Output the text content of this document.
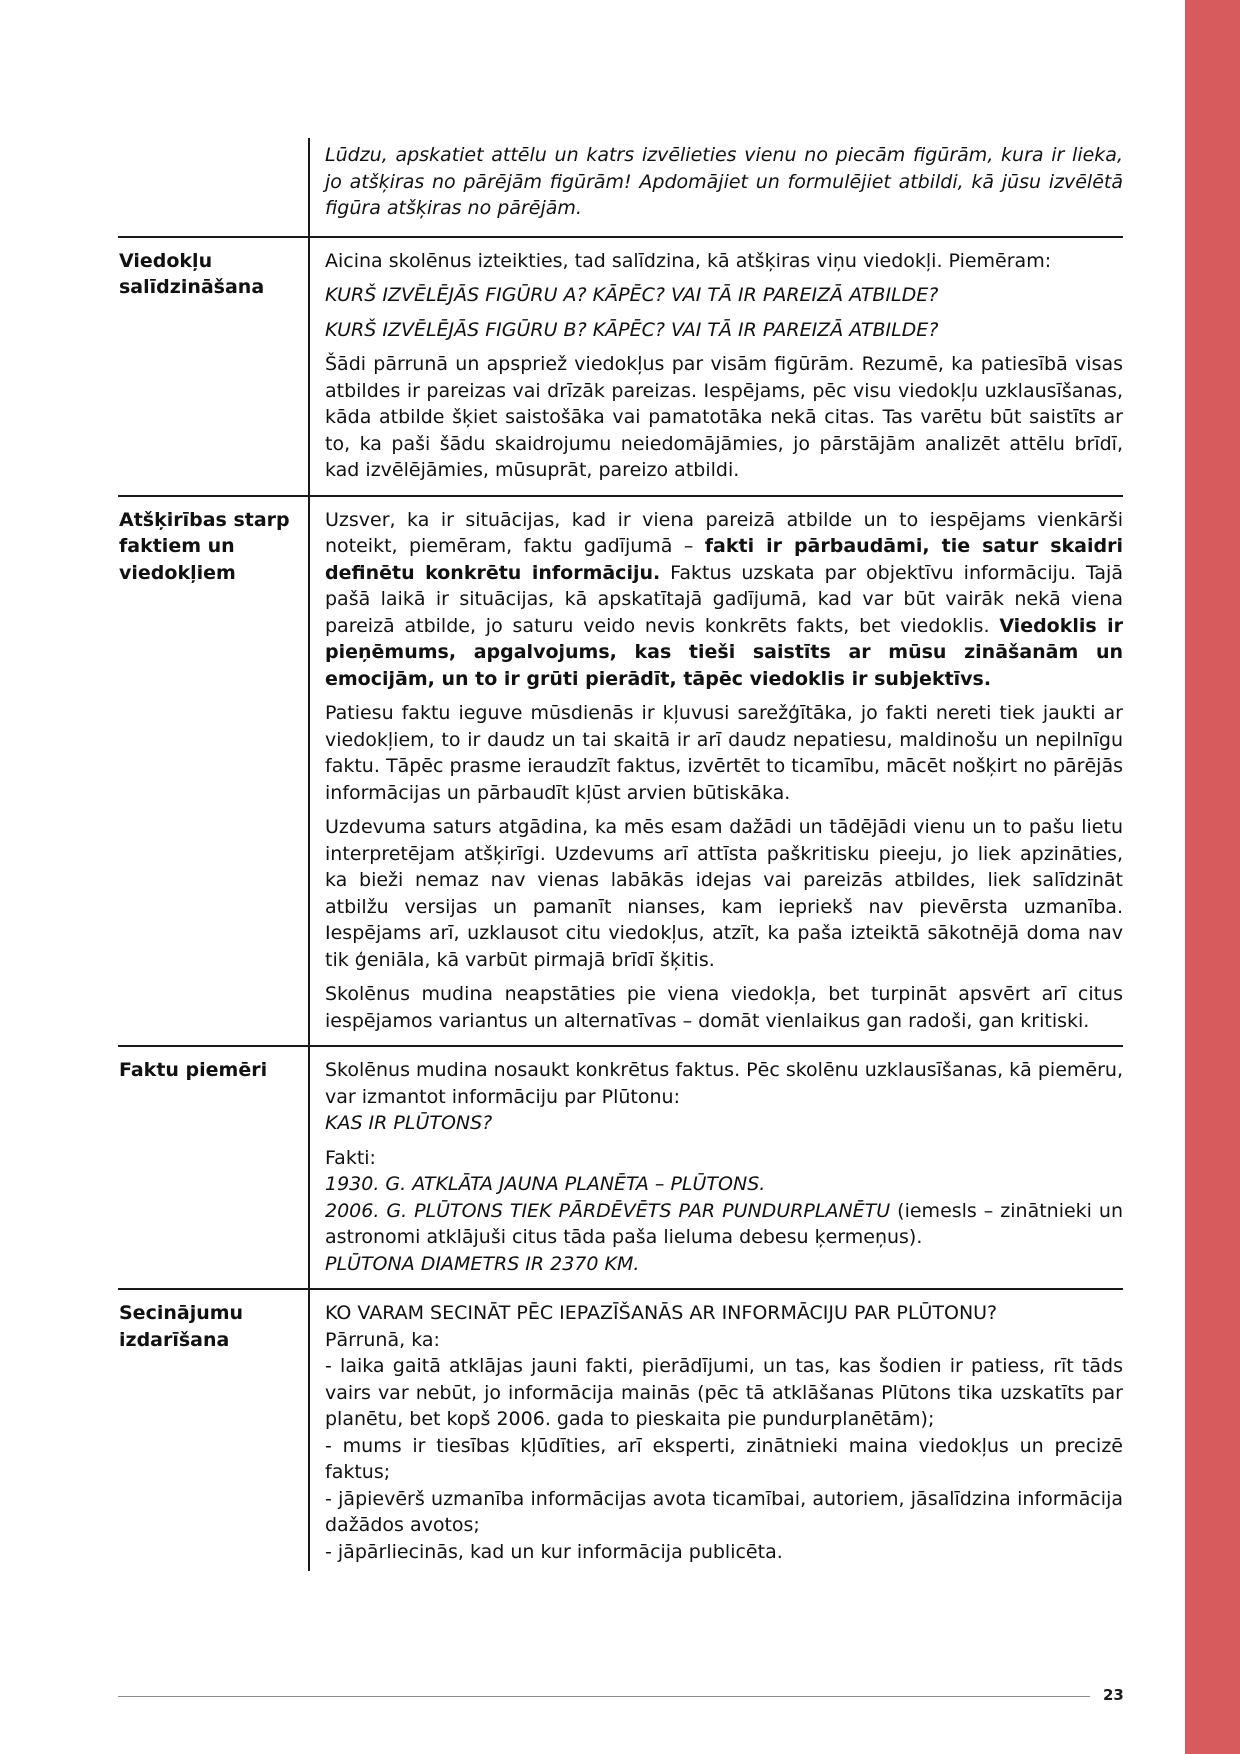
Lūdzu, apskatiet attēlu un katrs izvēlieties vienu no piecām figūrām, kura ir lieka, jo atšķiras no pārējām figūrām! Apdomājiet un formulējiet atbildi, kā jūsu izvēlētā figūra atšķiras no pārējām.

Viedokļu salīdzināšana

Aicina skolēnus izteikties, tad salīdzina, kā atšķiras viņu viedokļi. Piemēram:

KURŠ IZVĒLĒJĀS FIGŪRU A? KĀPĒC? VAI TĀ IR PAREIZĀ ATBILDE?

KURŠ IZVĒLĒJĀS FIGŪRU B? KĀPĒC? VAI TĀ IR PAREIZĀ ATBILDE?

Šādi pārrunā un apspriež viedokļus par visām figūrām. Rezumē, ka patiesībā visas atbildes ir pareizas vai drīzāk pareizas. Iespējams, pēc visu viedokļu uzklausīšanas, kāda atbilde šķiet saistošāka vai pamatotāka nekā citas. Tas varētu būt saistīts ar to, ka paši šādu skaidrojumu neiedomājāmies, jo pārstājām analizēt attēlu brīdī, kad izvēlējāmies, mūsuprāt, pareizo atbildi.

Atšķirības starp faktiem un viedokļiem

Uzsver, ka ir situācijas, kad ir viena pareizā atbilde un to iespējams vienkārši noteikt, piemēram, faktu gadījumā – fakti ir pārbaudāmi, tie satur skaidri definētu konkrētu informāciju. Faktus uzskata par objektīvu informāciju. Tajā pašā laikā ir situācijas, kā apskatītajā gadījumā, kad var būt vairāk nekā viena pareizā atbilde, jo saturu veido nevis konkrēts fakts, bet viedoklis. Viedoklis ir pieņēmums, apgalvojums, kas tieši saistīts ar mūsu zināšanām un emocijām, un to ir grūti pierādīt, tāpēc viedoklis ir subjektīvs.

Patiesu faktu ieguve mūsdienās ir kļuvusi sarežģītāka, jo fakti nereti tiek jaukti ar viedokļiem, to ir daudz un tai skaitā ir arī daudz nepatiesu, maldinošu un nepilnīgu faktu. Tāpēc prasme ieraudzīt faktus, izvērtēt to ticamību, mācēt nošķirt no pārējās informācijas un pārbaudīt kļūst arvien būtiskāka.

Uzdevuma saturs atgādina, ka mēs esam dažādi un tādējādi vienu un to pašu lietu interpretējam atšķirīgi. Uzdevums arī attīsta paškritisku pieeju, jo liek apzināties, ka bieži nemaz nav vienas labākās idejas vai pareizās atbildes, liek salīdzināt atbilžu versijas un pamanīt nianses, kam iepriekš nav pievērsta uzmanība. Iespējams arī, uzklausot citu viedokļus, atzīt, ka paša izteiktā sākotnējā doma nav tik ģeniāla, kā varbūt pirmajā brīdī šķitis.

Skolēnus mudina neapstāties pie viena viedokļa, bet turpināt apsvērt arī citus iespējamos variantus un alternatīvas – domāt vienlaikus gan radoši, gan kritiski.

Faktu piemēri	Skolēnus mudina nosaukt konkrētus faktus. Pēc skolēnu uzklausīšanas, kā piemēru, var izmantot informāciju par Plūtonu:

KAS IR PLŪTONS?

Fakti:

1930. G. ATKLĀTA JAUNA PLANĒTA – PLŪTONS.

2006. G. PLŪTONS TIEK PĀRDĒVĒTS PAR PUNDURPLANĒTU (iemesls – zinātnieki un astronomi atklājuši citus tāda paša lieluma debesu ķermeņus).

PLŪTONA DIAMETRS IR 2370 KM.

Secinājumu izdarīšana

KO VARAM SECINĀT PĒC IEPAZĪŠANĀS AR INFORMĀCIJU PAR PLŪTONU?

Pārrunā, ka:

- laika gaitā atklājas jauni fakti, pierādījumi, un tas, kas šodien ir patiess, rīt tāds vairs var nebūt, jo informācija mainās (pēc tā atklāšanas Plūtons tika uzskatīts par planētu, bet kopš 2006. gada to pieskaita pie pundurplanētām);

- mums ir tiesības kļūdīties, arī eksperti, zinātnieki maina viedokļus un precizē faktus;

- jāpievērš uzmanība informācijas avota ticamībai, autoriem, jāsalīdzina informācija dažādos avotos;

- jāpārliecinās, kad un kur informācija publicēta.

23
